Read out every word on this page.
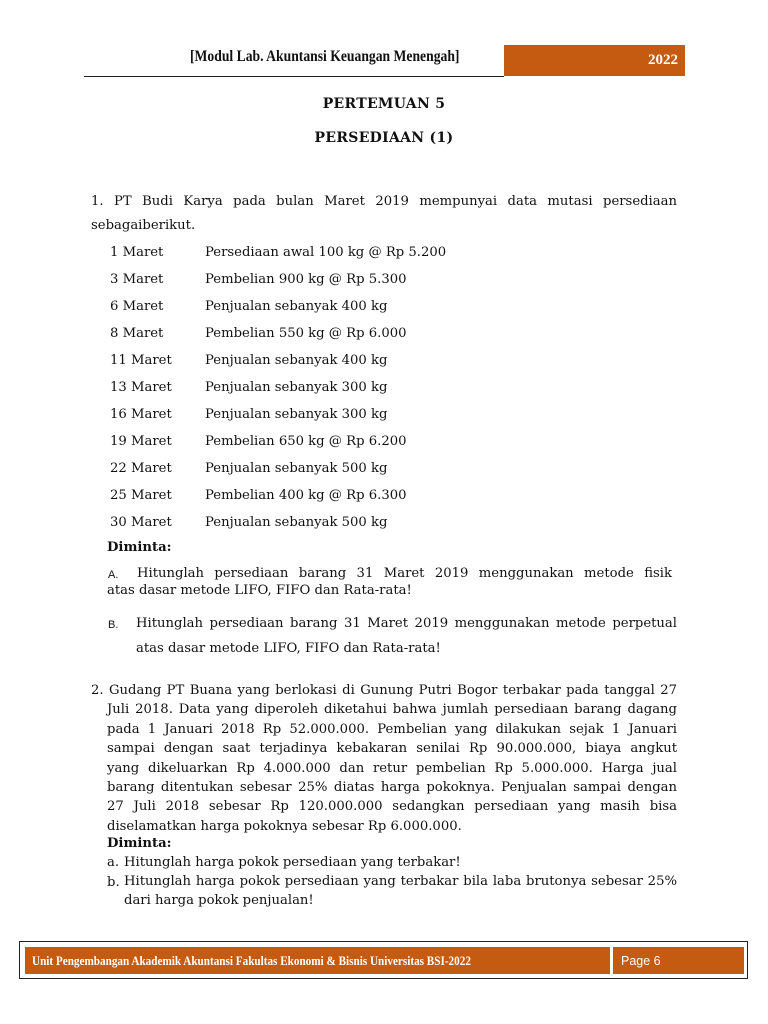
[Modul Lab. Akuntansi Keuangan Menengah]	2022
PERTEMUAN 5
PERSEDIAAN (1)
1. PT Budi Karya pada bulan Maret 2019 mempunyai data mutasi persediaan
sebagaiberikut.
1 Maret	Persediaan awal 100 kg @ Rp 5.200
3 Maret	Pembelian 900 kg @ Rp 5.300
6 Maret	Penjualan sebanyak 400 kg
8 Maret	Pembelian 550 kg @ Rp 6.000
11 Maret	Penjualan sebanyak 400 kg
13 Maret	Penjualan sebanyak 300 kg
16 Maret	Penjualan sebanyak 300 kg
19 Maret	Pembelian 650 kg @ Rp 6.200
22 Maret	Penjualan sebanyak 500 kg
25 Maret	Pembelian 400 kg @ Rp 6.300
30 Maret	Penjualan sebanyak 500 kg
Diminta:
A. Hitunglah persediaan barang 31 Maret 2019 menggunakan metode fisik
atas dasar metode LIFO, FIFO dan Rata-rata!
B. Hitunglah persediaan barang 31 Maret 2019 menggunakan metode perpetual
atas dasar metode LIFO, FIFO dan Rata-rata!
2. Gudang PT Buana yang berlokasi di Gunung Putri Bogor terbakar pada tanggal 27
Juli 2018. Data yang diperoleh diketahui bahwa jumlah persediaan barang dagang
pada 1 Januari 2018 Rp 52.000.000. Pembelian yang dilakukan sejak 1 Januari
sampai dengan saat terjadinya kebakaran senilai Rp 90.000.000, biaya angkut
yang dikeluarkan Rp 4.000.000 dan retur pembelian Rp 5.000.000. Harga jual
barang ditentukan sebesar 25% diatas harga pokoknya. Penjualan sampai dengan
27 Juli 2018 sebesar Rp 120.000.000 sedangkan persediaan yang masih bisa
diselamatkan harga pokoknya sebesar Rp 6.000.000.
Diminta:
a. Hitunglah harga pokok persediaan yang terbakar!
b. Hitunglah harga pokok persediaan yang terbakar bila laba brutonya sebesar 25%
dari harga pokok penjualan!
Unit Pengembangan Akademik Akuntansi Fakultas Ekonomi & Bisnis Universitas BSI-2022	Page 6
